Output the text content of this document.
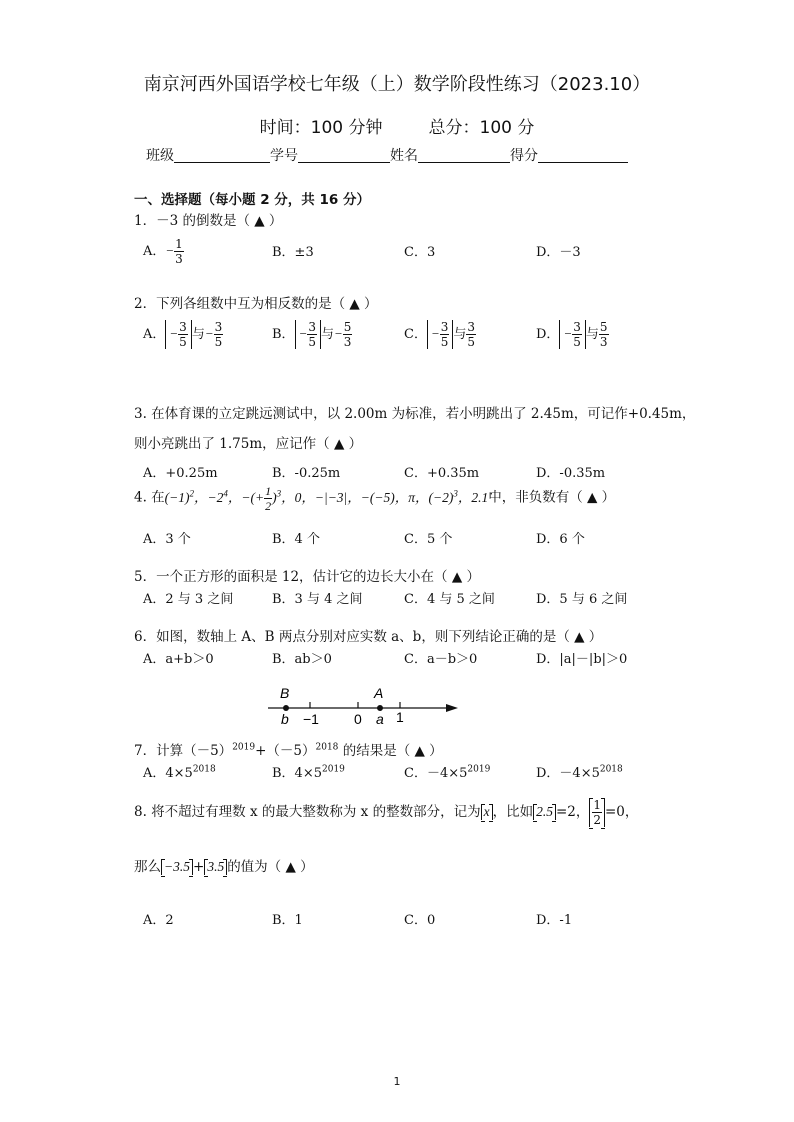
南京河西外国语学校七年级（上）数学阶段性练习（2023.10）
时间：100 分钟	总分：100 分
班级	学号	姓名	得分
一、选择题（每小题 2 分，共 16 分）
1．－3 的倒数是（ ▲ ）
A．− $\frac{1}{3}$	B．±3	C．3	D．－3
2．下列各组数中互为相反数的是（ ▲ ）
A． − $\frac{3}{5}$ 与− $\frac{3}{5}$	B． − $\frac{3}{5}$ 与− $\frac{5}{3}$	C． − $\frac{3}{5}$ 与 $\frac{3}{5}$	D． − $\frac{3}{5}$ 与 $\frac{5}{3}$
3. 在体育课的立定跳远测试中，以 2.00m 为标准，若小明跳出了 2.45m，可记作+0.45m，
则小亮跳出了 1.75m，应记作（ ▲ ）
A．+0.25m	B．-0.25m	C．+0.35m	D．-0.35m
4. 在$(-1)^2$，$-2^4$，−(+ $\frac{1}{2} )^3$，0，−|−3|，−(−5)，π，$(-2)^3$，2.1̇中，非负数有（ ▲ ）
A．3 个	B．4 个	C．5 个	D．6 个
5．一个正方形的面积是 12，估计它的边长大小在（ ▲ ）
A．2 与 3 之间	B．3 与 4 之间	C．4 与 5 之间	D．5 与 6 之间
6．如图，数轴上 A、B 两点分别对应实数 a、b，则下列结论正确的是（ ▲ ）
A．a+b＞0	B．ab＞0	C．a－b＞0	D．|a|－|b|＞0
B	A
b −1	0 a 1
7．计算$(-5)^{2019}+(-5)^{2018}$ 的结果是（ ▲ ）
A．$4\times 5^{2018}$	B．$4\times 5^{2019}$	C．$-4\times 5^{2019}$	D．$-4\times 5^{2018}$
8. 将不超过有理数 x 的最大整数称为 x 的整数部分，记为 x ，比如 2.5 =2， $\frac{1}{2} =0$，
那么 −3.5 + 3.5 的值为（ ▲ ）
A．2	B．1	C．0	D．-1
1
